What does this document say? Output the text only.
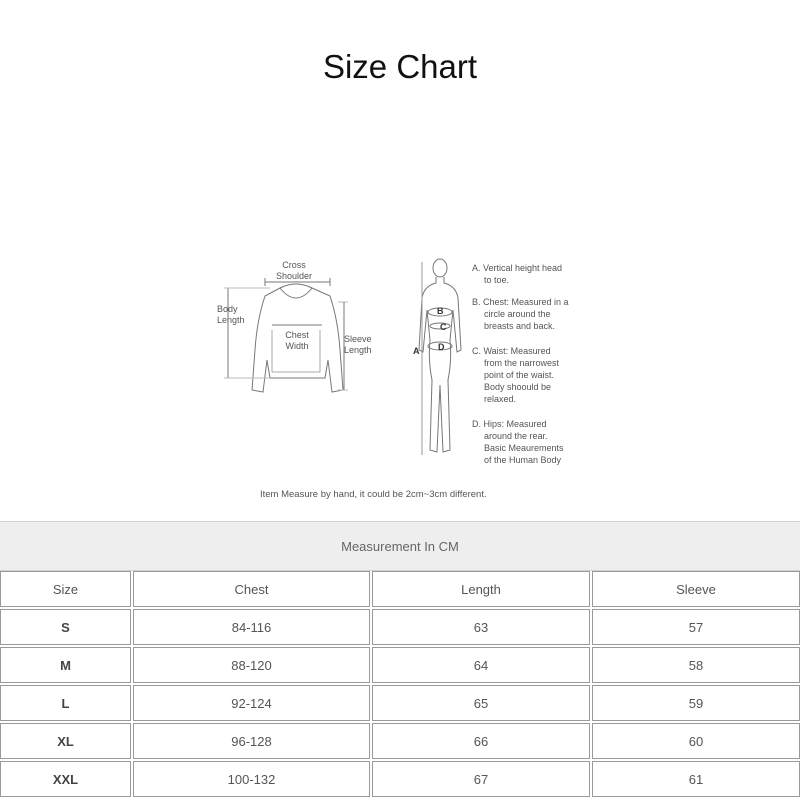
Size Chart
Cross
Shoulder
Body
Length
Chest
Width
Sleeve
Length	A
B
C
D
A. Vertical height head
to toe.
B. Chest: Measured in a
circle around the
breasts and back.
C. Waist: Measured
from the narrowest
point of the waist.
Body shoould be
relaxed.
D. Hips: Measured
around the rear.
Basic Meaurements
of the Human Body
Item Measure by hand, it could be 2cm~3cm different.
Measurement In CM
Size	Chest	Length	Sleeve
S	84-116	63	57
M	88-120	64	58
L	92-124	65	59
XL	96-128	66	60
XXL	100-132	67	61
